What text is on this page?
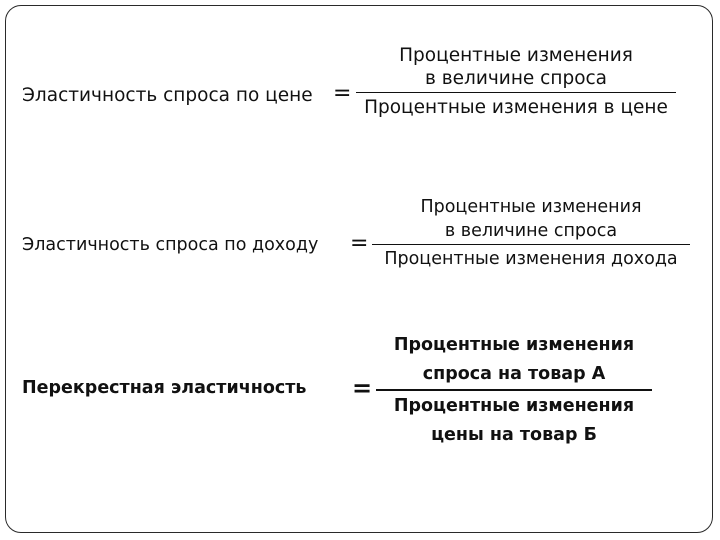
Эластичность спроса по цене =
Процентные изменения
в величине спроса
Процентные изменения в цене
Эластичность спроса по доходу =
Процентные изменения
в величине спроса
Процентные изменения дохода
Перекрестная эластичность =
Процентные изменения
спроса на товар А
Процентные изменения
цены на товар Б
